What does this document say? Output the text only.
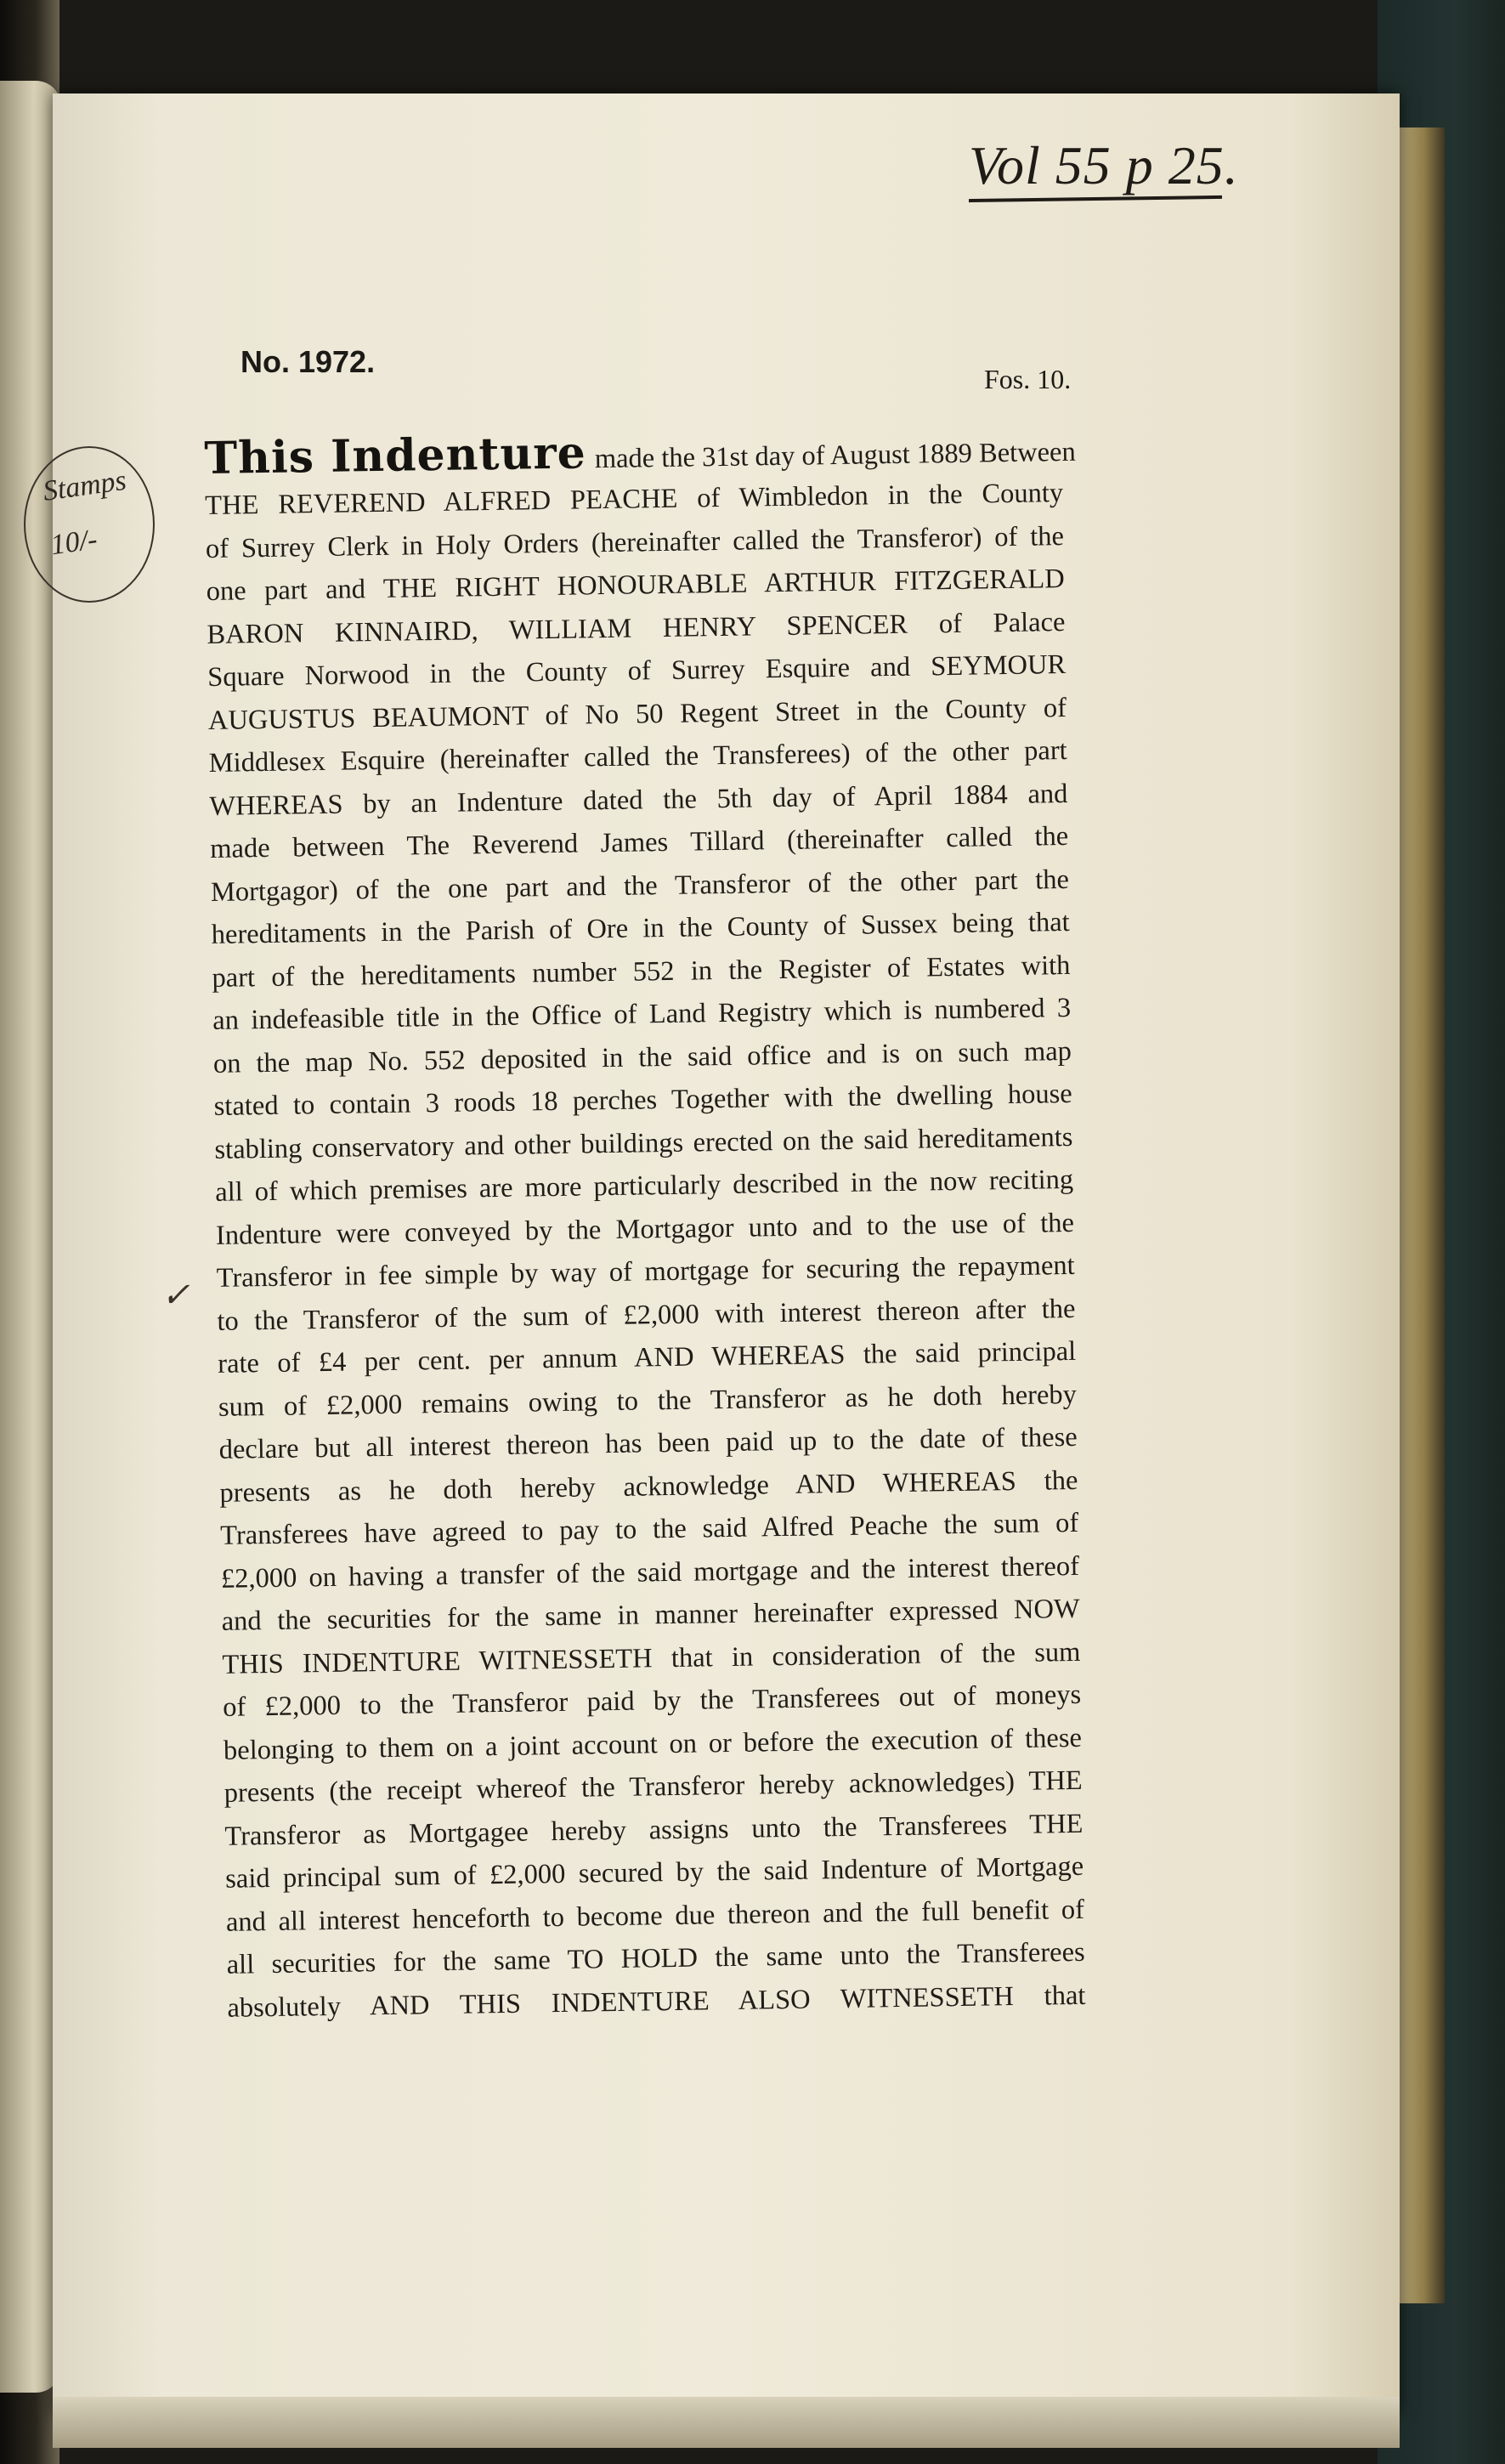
Vol 55 p 25.
No. 1972.	Fos. 10.
Stamps
10/-
✓
This Indenture made the 31st day of August 1889 Between
THE REVEREND ALFRED PEACHE of Wimbledon in the County
of Surrey Clerk in Holy Orders (hereinafter called the Transferor) of the
one part and THE RIGHT HONOURABLE ARTHUR FITZGERALD
BARON KINNAIRD, WILLIAM HENRY SPENCER of Palace
Square Norwood in the County of Surrey Esquire and SEYMOUR
AUGUSTUS BEAUMONT of No 50 Regent Street in the County of
Middlesex Esquire (hereinafter called the Transferees) of the other part
WHEREAS by an Indenture dated the 5th day of April 1884 and
made between The Reverend James Tillard (thereinafter called the
Mortgagor) of the one part and the Transferor of the other part the
hereditaments in the Parish of Ore in the County of Sussex being that
part of the hereditaments number 552 in the Register of Estates with
an indefeasible title in the Office of Land Registry which is numbered 3
on the map No. 552 deposited in the said office and is on such map
stated to contain 3 roods 18 perches Together with the dwelling house
stabling conservatory and other buildings erected on the said hereditaments
all of which premises are more particularly described in the now reciting
Indenture were conveyed by the Mortgagor unto and to the use of the
Transferor in fee simple by way of mortgage for securing the repayment
to the Transferor of the sum of £2,000 with interest thereon after the
rate of £4 per cent. per annum AND WHEREAS the said principal
sum of £2,000 remains owing to the Transferor as he doth hereby
declare but all interest thereon has been paid up to the date of these
presents as he doth hereby acknowledge AND WHEREAS the
Transferees have agreed to pay to the said Alfred Peache the sum of
£2,000 on having a transfer of the said mortgage and the interest thereof
and the securities for the same in manner hereinafter expressed NOW
THIS INDENTURE WITNESSETH that in consideration of the sum
of £2,000 to the Transferor paid by the Transferees out of moneys
belonging to them on a joint account on or before the execution of these
presents (the receipt whereof the Transferor hereby acknowledges) THE
Transferor as Mortgagee hereby assigns unto the Transferees THE
said principal sum of £2,000 secured by the said Indenture of Mortgage
and all interest henceforth to become due thereon and the full benefit of
all securities for the same TO HOLD the same unto the Transferees
absolutely AND THIS INDENTURE ALSO WITNESSETH that
